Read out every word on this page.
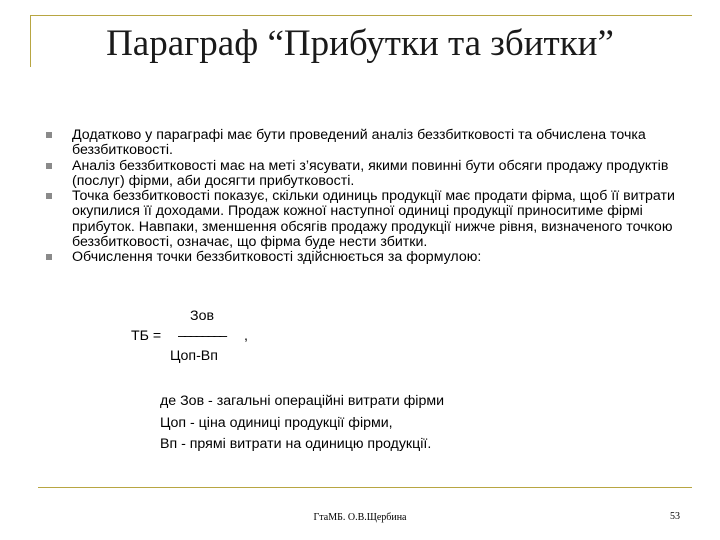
Параграф “Прибутки та збитки”
Додатково у параграфі має бути проведений аналіз беззбитковості та обчислена точка беззбитковості.
Аналіз беззбитковості має на меті з’ясувати, якими повинні бути обсяги продажу продуктів (послуг) фірми, аби досягти прибутковості.
Точка беззбитковості показує, скільки одиниць продукції має продати фірма, щоб її витрати окупилися її доходами. Продаж кожної наступної одиниці продукції приноситиме фірмі прибуток. Навпаки, зменшення обсягів продажу продукції нижче рівня, визначеного точкою беззбитковості, означає, що фірма буде нести збитки.
Обчислення точки беззбитковості здійснюється за формулою:
Зов
ТБ = –––––––– ,
Цоп-Вп
де Зов - загальні операційні витрати фірми
Цоп - ціна одиниці продукції фірми,
Вп - прямі витрати на одиницю продукції.
ГтаМБ. О.В.Щербина	53
